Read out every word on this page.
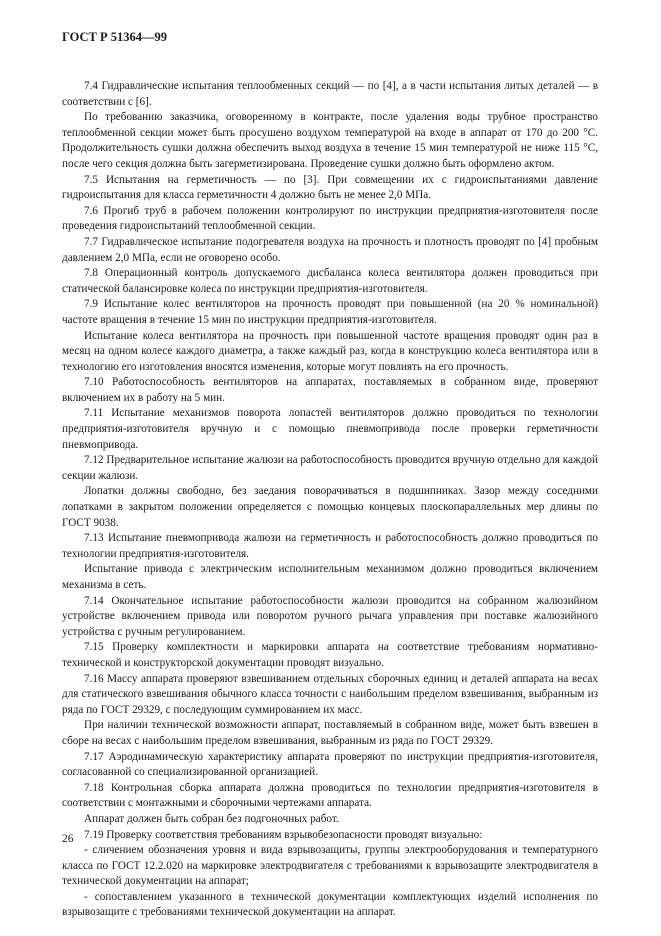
ГОСТ Р 51364—99

7.4 Гидравлические испытания теплообменных секций — по [4], а в части испытания литых деталей — в соответствии с [6].

По требованию заказчика, оговоренному в контракте, после удаления воды трубное пространство теплообменной секции может быть просушено воздухом температурой на входе в аппарат от 170 до 200 °С. Продолжительность сушки должна обеспечить выход воздуха в течение 15 мин температурой не ниже 115 °С, после чего секция должна быть загерметизирована. Проведение сушки должно быть оформлено актом.

7.5 Испытания на герметичность — по [3]. При совмещении их с гидроиспытаниями давление гидроиспытания для класса герметичности 4 должно быть не менее 2,0 МПа.

7.6 Прогиб труб в рабочем положении контролируют по инструкции предприятия-изготовителя после проведения гидроиспытаний теплообменной секции.

7.7 Гидравлическое испытание подогревателя воздуха на прочность и плотность проводят по [4] пробным давлением 2,0 МПа, если не оговорено особо.

7.8 Операционный контроль допускаемого дисбаланса колеса вентилятора должен проводиться при статической балансировке колеса по инструкции предприятия-изготовителя.

7.9 Испытание колес вентиляторов на прочность проводят при повышенной (на 20 % номинальной) частоте вращения в течение 15 мин по инструкции предприятия-изготовителя.

Испытание колеса вентилятора на прочность при повышенной частоте вращения проводят один раз в месяц на одном колесе каждого диаметра, а также каждый раз, когда в конструкцию колеса вентилятора или в технологию его изготовления вносятся изменения, которые могут повлиять на его прочность.

7.10 Работоспособность вентиляторов на аппаратах, поставляемых в собранном виде, проверяют включением их в работу на 5 мин.

7.11 Испытание механизмов поворота лопастей вентиляторов должно проводиться по технологии предприятия-изготовителя вручную и с помощью пневмопривода после проверки герметичности пневмопривода.

7.12 Предварительное испытание жалюзи на работоспособность проводится вручную отдельно для каждой секции жалюзи.

Лопатки должны свободно, без заедания поворачиваться в подшипниках. Зазор между соседними лопатками в закрытом положении определяется с помощью концевых плоскопараллельных мер длины по ГОСТ 9038.

7.13 Испытание пневмопривода жалюзи на герметичность и работоспособность должно проводиться по технологии предприятия-изготовителя.

Испытание привода с электрическим исполнительным механизмом должно проводиться включением механизма в сеть.

7.14 Окончательное испытание работоспособности жалюзи проводится на собранном жалюзийном устройстве включением привода или поворотом ручного рычага управления при поставке жалюзийного устройства с ручным регулированием.

7.15 Проверку комплектности и маркировки аппарата на соответствие требованиям нормативно-технической и конструкторской документации проводят визуально.

7.16 Массу аппарата проверяют взвешиванием отдельных сборочных единиц и деталей аппарата на весах для статического взвешивания обычного класса точности с наибольшим пределом взвешивания, выбранным из ряда по ГОСТ 29329, с последующим суммированием их масс.

При наличии технической возможности аппарат, поставляемый в собранном виде, может быть взвешен в сборе на весах с наибольшим пределом взвешивания, выбранным из ряда по ГОСТ 29329.

7.17 Аэродинамическую характеристику аппарата проверяют по инструкции предприятия-изготовителя, согласованной со специализированной организацией.

7.18 Контрольная сборка аппарата должна проводиться по технологии предприятия-изготовителя в соответствии с монтажными и сборочными чертежами аппарата.

Аппарат должен быть собран без подгоночных работ.

7.19 Проверку соответствия требованиям взрывобезопасности проводят визуально:

- сличением обозначения уровня и вида взрывозащиты, группы электрооборудования и температурного класса по ГОСТ 12.2.020 на маркировке электродвигателя с требованиями к взрывозащите электродвигателя в технической документации на аппарат;

- сопоставлением указанного в технической документации комплектующих изделий исполнения по взрывозащите с требованиями технической документации на аппарат.

26
